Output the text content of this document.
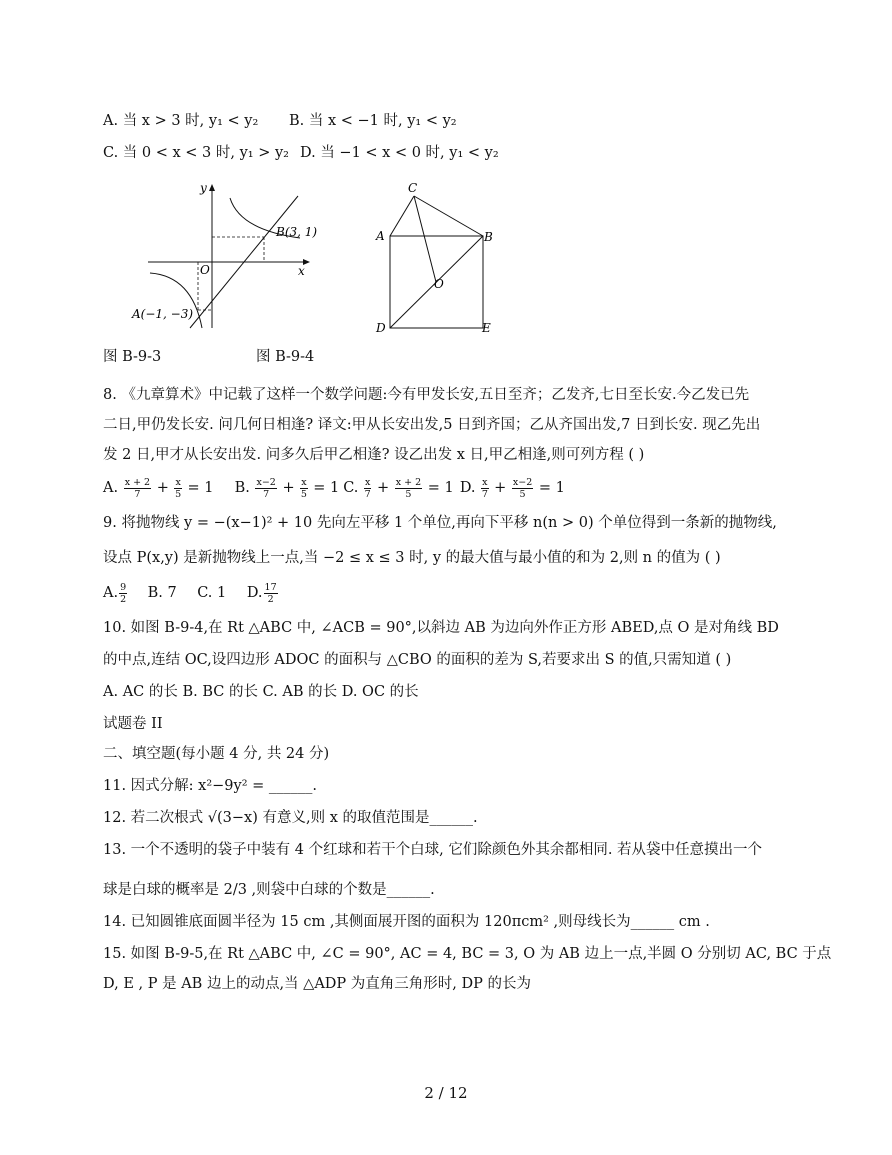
A. 当 x > 3 时, y₁ < y₂ B. 当 x < −1 时, y₁ < y₂
C. 当 0 < x < 3 时, y₁ > y₂ D. 当 −1 < x < 0 时, y₁ < y₂
y
x
O
B(3, 1)
A(−1, −3)
C
A	B
O
D	E
图 B-9-3	图 B-9-4
8. 《九章算术》中记载了这样一个数学问题:今有甲发长安,五日至齐；乙发齐,七日至长安.今乙发已先
二日,甲仍发长安. 问几何日相逢? 译文:甲从长安出发,5 日到齐国；乙从齐国出发,7 日到长安. 现乙先出
发 2 日,甲才从长安出发. 问多久后甲乙相逢? 设乙出发 x 日,甲乙相逢,则可列方程 ( )
A. $\frac{x + 2}{7} + \frac{x}{5} = 1$ B. $\frac{x-2}{7} + \frac{x}{5} = 1$ C. $\frac{x}{7} + \frac{x + 2}{5} = 1$ D. $\frac{x}{7} + \frac{x-2}{5} = 1$
9. 将抛物线 y = −(x−1)² + 10 先向左平移 1 个单位,再向下平移 n(n > 0) 个单位得到一条新的抛物线,
设点 P(x,y) 是新抛物线上一点,当 −2 ≤ x ≤ 3 时, y 的最大值与最小值的和为 2,则 n 的值为 ( )
A. $\frac{9}{2} B$. 7 C. 1 D. $\frac{17}{2}$
10. 如图 B-9-4,在 Rt △ABC 中, ∠ACB = 90°,以斜边 AB 为边向外作正方形 ABED,点 O 是对角线 BD
的中点,连结 OC,设四边形 ADOC 的面积与 △CBO 的面积的差为 S,若要求出 S 的值,只需知道 ( )
A. AC 的长 B. BC 的长 C. AB 的长 D. OC 的长
试题卷 II
二、填空题(每小题 4 分, 共 24 分)
11. 因式分解: x²−9y² = ______.
12. 若二次根式 √(3−x) 有意义,则 x 的取值范围是______.
13. 一个不透明的袋子中装有 4 个红球和若干个白球, 它们除颜色外其余都相同. 若从袋中任意摸出一个
球是白球的概率是 2/3 ,则袋中白球的个数是______.
14. 已知圆锥底面圆半径为 15 cm ,其侧面展开图的面积为 120πcm² ,则母线长为______ cm .
15. 如图 B-9-5,在 Rt △ABC 中, ∠C = 90°, AC = 4, BC = 3, O 为 AB 边上一点,半圆 O 分别切 AC, BC 于点
D, E , P 是 AB 边上的动点,当 △ADP 为直角三角形时, DP 的长为
2 / 12
